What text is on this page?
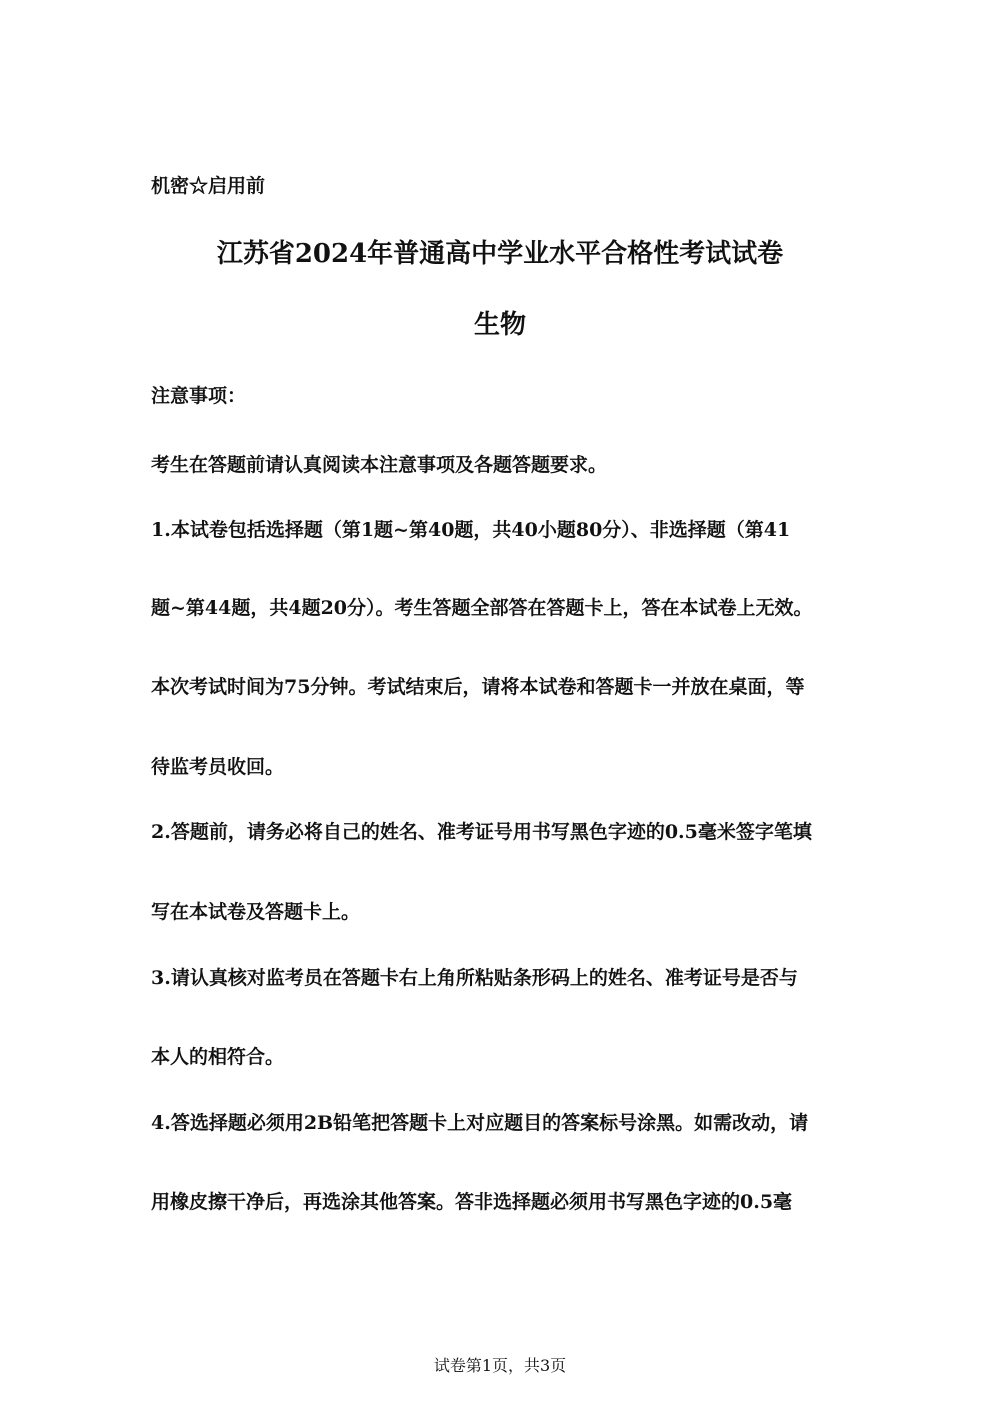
机密☆启用前
江苏省2024年普通高中学业水平合格性考试试卷
生物
注意事项：
考生在答题前请认真阅读本注意事项及各题答题要求。
1.本试卷包括选择题（第1题~第40题，共40小题80分）、非选择题（第41
题~第44题，共4题20分）。考生答题全部答在答题卡上，答在本试卷上无效。
本次考试时间为75分钟。考试结束后，请将本试卷和答题卡一并放在桌面，等
待监考员收回。
2.答题前，请务必将自己的姓名、准考证号用书写黑色字迹的0.5毫米签字笔填
写在本试卷及答题卡上。
3.请认真核对监考员在答题卡右上角所粘贴条形码上的姓名、准考证号是否与
本人的相符合。
4.答选择题必须用2B铅笔把答题卡上对应题目的答案标号涂黑。如需改动，请
用橡皮擦干净后，再选涂其他答案。答非选择题必须用书写黑色字迹的0.5毫
试卷第1页，共3页
